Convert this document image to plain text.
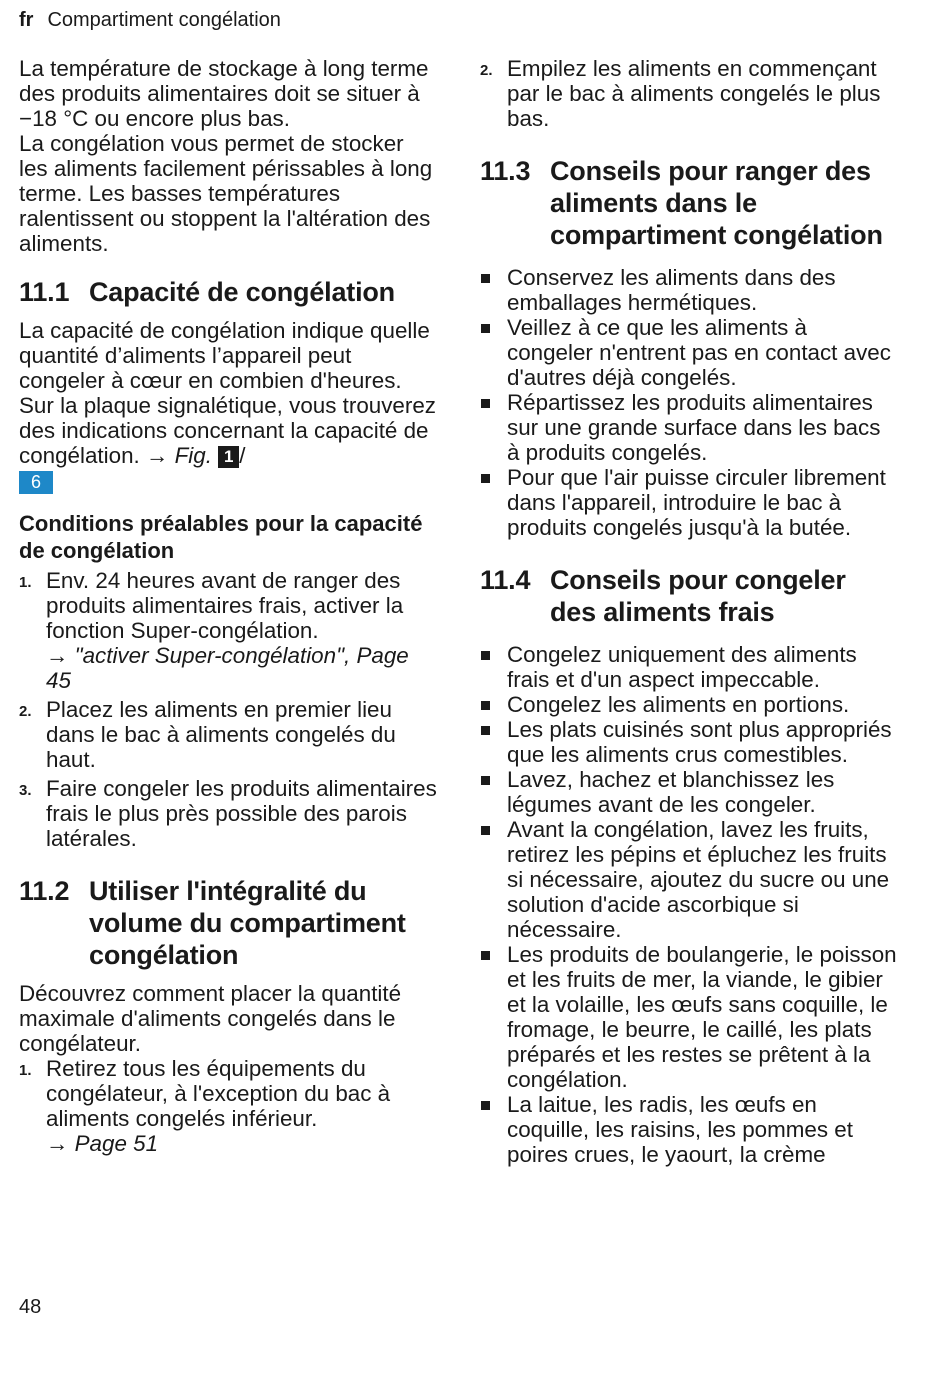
fr Compartiment congélation

La température de stockage à long terme des produits alimentaires doit se situer à −18 °C ou encore plus bas.

La congélation vous permet de stocker les aliments facilement périssables à long terme. Les basses températures ralentissent ou stoppent la l'altération des aliments.

11.1 Capacité de congélation

La capacité de congélation indique quelle quantité d’aliments l’appareil peut congeler à cœur en combien d'heures.

Sur la plaque signalétique, vous trouverez des indications concernant la capacité de congélation. → Fig. 1 /
6

Conditions préalables pour la capacité de congélation
1. Env. 24 heures avant de ranger des produits alimentaires frais, activer la fonction Super-congélation.
→ "activer Super-congélation", Page 45
2. Placez les aliments en premier lieu dans le bac à aliments congelés du haut.
3. Faire congeler les produits alimentaires frais le plus près possible des parois latérales.
11.2 Utiliser l'intégralité du volume du compartiment congélation

Découvrez comment placer la quantité maximale d'aliments congelés dans le congélateur.

1. Retirez tous les équipements du congélateur, à l'exception du bac à aliments congelés inférieur.
→ Page 51
2. Empilez les aliments en commençant par le bac à aliments congelés le plus bas.
11.3 Conseils pour ranger des aliments dans le compartiment congélation
Conservez les aliments dans des emballages hermétiques.
Veillez à ce que les aliments à congeler n'entrent pas en contact avec d'autres déjà congelés.
Répartissez les produits alimentaires sur une grande surface dans les bacs à produits congelés.
Pour que l'air puisse circuler librement dans l'appareil, introduire le bac à produits congelés jusqu'à la butée.
11.4 Conseils pour congeler des aliments frais
Congelez uniquement des aliments frais et d'un aspect impeccable.
Congelez les aliments en portions.
Les plats cuisinés sont plus appropriés que les aliments crus comestibles.
Lavez, hachez et blanchissez les légumes avant de les congeler.
Avant la congélation, lavez les fruits, retirez les pépins et épluchez les fruits si nécessaire, ajoutez du sucre ou une solution d'acide ascorbique si nécessaire.
Les produits de boulangerie, le poisson et les fruits de mer, la viande, le gibier et la volaille, les œufs sans coquille, le fromage, le beurre, le caillé, les plats préparés et les restes se prêtent à la congélation.
La laitue, les radis, les œufs en coquille, les raisins, les pommes et poires crues, le yaourt, la crème
48
